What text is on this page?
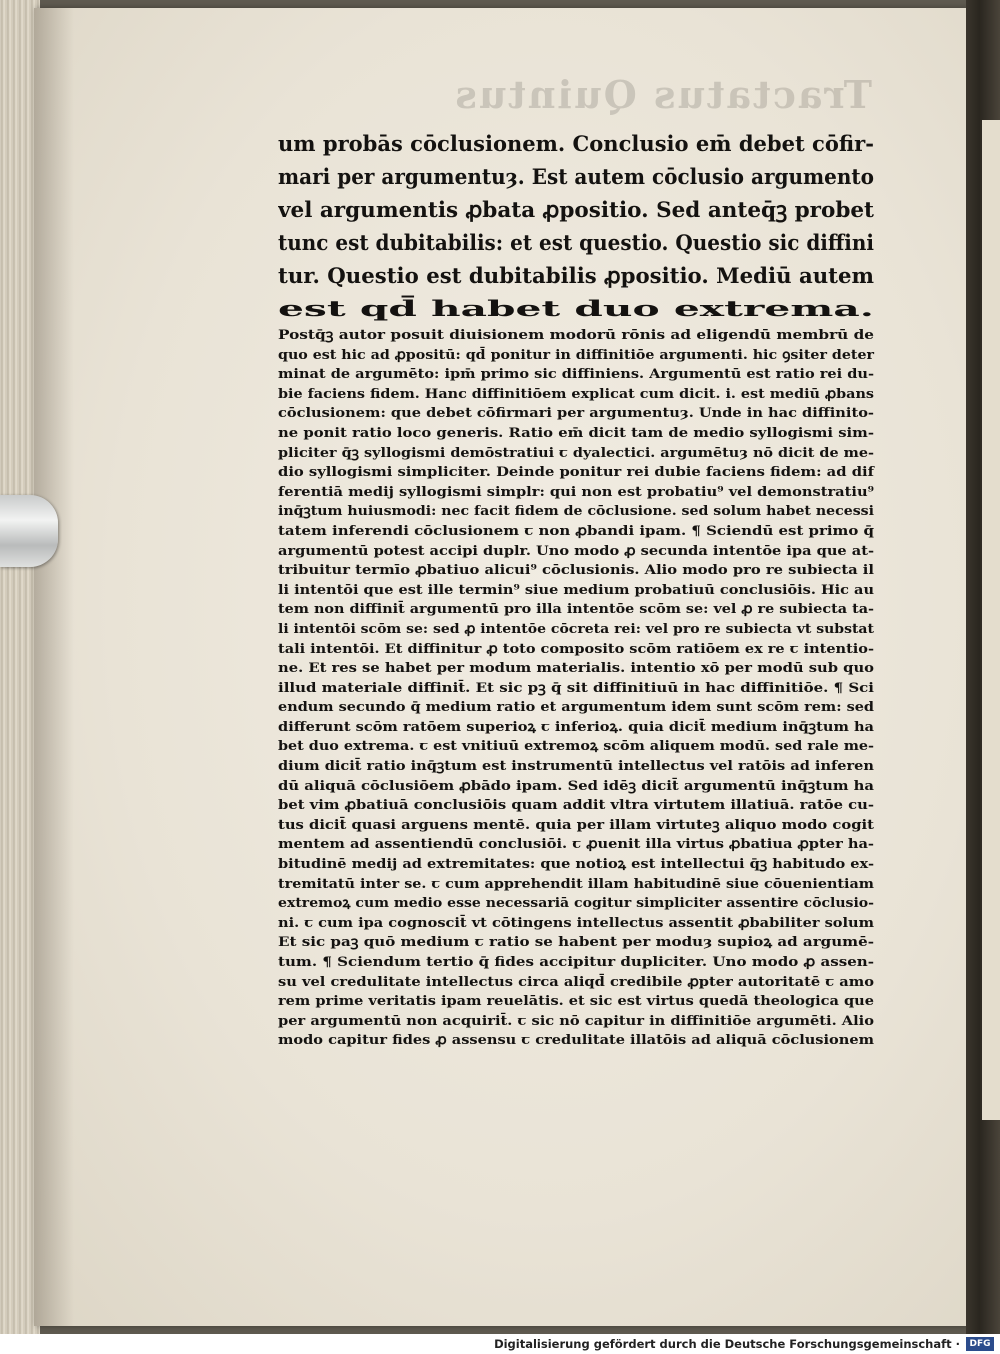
Tractatus Quintus
um probās cōclusionem. Conclusio em̄ debet cōfir-
mari per argumentuȝ. Est autem cōclusio argumento
vel argumentis ꝓbata ꝓpositio. Sed anteq̄ꝫ probet
tunc est dubitabilis: et est questio. Questio sic diffini
tur. Questio est dubitabilis ꝓpositio. Mediū autem
est qd̄ habet duo extrema.
Postq̄ꝫ autor posuit diuisionem modorū rōnis ad eligendū membrū de
quo est hic ad ꝓpositū: qd̄ ponitur in diffinitiōe argumenti. hic ꝯsiter deter
minat de argumēto: ipm̄ primo sic diffiniens. Argumentū est ratio rei du-
bie faciens fidem. Hanc diffinitiōem explicat cum dicit. i. est mediū ꝓbans
cōclusionem: que debet cōfirmari per argumentuȝ. Unde in hac diffinito-
ne ponit ratio loco generis. Ratio em̄ dicit tam de medio syllogismi sim-
pliciter q̄ꝫ syllogismi demōstratiui ꞇ dyalectici. argumētuȝ nō dicit de me-
dio syllogismi simpliciter. Deinde ponitur rei dubie faciens fidem: ad dif
ferentiā medij syllogismi simplr: qui non est probatiu⁹ vel demonstratiu⁹
inq̄ꝫtum huiusmodi: nec facit fidem de cōclusione. sed solum habet necessi
tatem inferendi cōclusionem ꞇ non ꝓbandi ipam. ¶ Sciendū est primo q̄
argumentū potest accipi duplr. Uno modo ꝓ secunda intentōe ipa que at-
tribuitur termīo ꝓbatiuo alicui⁹ cōclusionis. Alio modo pro re subiecta il
li intentōi que est ille termin⁹ siue medium probatiuū conclusiōis. Hic au
tem non diffinit̄ argumentū pro illa intentōe scōm se: vel ꝓ re subiecta ta-
li intentōi scōm se: sed ꝓ intentōe cōcreta rei: vel pro re subiecta vt substat
tali intentōi. Et diffinitur ꝓ toto composito scōm ratiōem ex re ꞇ intentio-
ne. Et res se habet per modum materialis. intentio xō per modū sub quo
illud materiale diffinit̄. Et sic pꝫ q̄ sit diffinitiuū in hac diffinitiōe. ¶ Sci
endum secundo q̄ medium ratio et argumentum idem sunt scōm rem: sed
differunt scōm ratōem superioꝝ ꞇ inferioꝝ. quia dicit̄ medium inq̄ꝫtum ha
bet duo extrema. ꞇ est vnitiuū extremoꝝ scōm aliquem modū. sed rale me-
dium dicit̄ ratio inq̄ꝫtum est instrumentū intellectus vel ratōis ad inferen
dū aliquā cōclusiōem ꝓbādo ipam. Sed idēꝫ dicit̄ argumentū inq̄ꝫtum ha
bet vim ꝓbatiuā conclusiōis quam addit vltra virtutem illatiuā. ratōe cu-
tus dicit̄ quasi arguens mentē. quia per illam virtuteꝫ aliquo modo cogit
mentem ad assentiendū conclusiōi. ꞇ ꝓuenit illa virtus ꝓbatiua ꝓpter ha-
bitudinē medij ad extremitates: que notioꝝ est intellectui q̄ꝫ habitudo ex-
tremitatū inter se. ꞇ cum apprehendit illam habitudinē siue cōuenientiam
extremoꝝ cum medio esse necessariā cogitur simpliciter assentire cōclusio-
ni. ꞇ cum ipa cognoscit̄ vt cōtingens intellectus assentit ꝓbabiliter solum
Et sic paꝫ quō medium ꞇ ratio se habent per moduȝ supioꝝ ad argumē-
tum. ¶ Sciendum tertio q̄ fides accipitur dupliciter. Uno modo ꝓ assen-
su vel credulitate intellectus circa aliqd̄ credibile ꝓpter autoritatē ꞇ amo
rem prime veritatis ipam reuelātis. et sic est virtus quedā theologica que
per argumentū non acquirit̄. ꞇ sic nō capitur in diffinitiōe argumēti. Alio
modo capitur fides ꝓ assensu ꞇ credulitate illatōis ad aliquā cōclusionem
Digitalisierung gefördert durch die Deutsche Forschungsgemeinschaft ·	DFG
